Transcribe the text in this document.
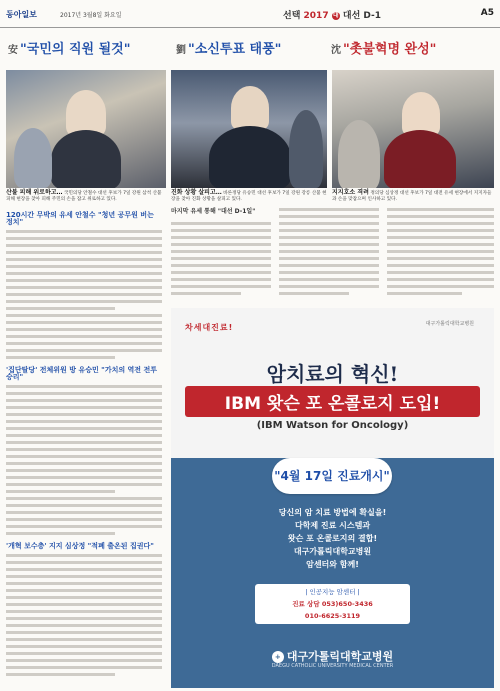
동아일보	2017년 3월8일 화요일	선택 2017 대 대선 D-1	A5
安 "국민의 직원 될것"	劉 "소신투표 태풍"	沈 "촛불혁명 완성"
산불 피해 위로하고… 국민의당 안철수 대선 후보가 7일 강원 삼척 산불 피해 현장을 찾아 피해 주민의 손을 잡고 위로하고 있다.
진화 상황 살피고… 바른정당 유승민 대선 후보가 7일 강원 강릉 산불 현장을 찾아 진화 상황을 살피고 있다.
지지호소 격려 정의당 심상정 대선 후보가 7일 대전 유세 현장에서 지지자들과 손을 맞잡으며 인사하고 있다.
120시간 무박의 유세 안철수 "청년 공무원 버는 정치"
'집단탈당' 전체위원 방 유승민 "가치의 역전 전투승리"
'개혁 보수층' 지지 심상정 "적폐 출온된 집권다"
마지막 유세 통해 "대선 D-1일"
차세대진료!	대구가톨릭대학교병원
암치료의 혁신!
IBM 왓슨 포 온콜로지 도입!
(IBM Watson for Oncology)
"4월 17일 진료개시"
당신의 암 치료 방법에 확실을!
다학제 진료 시스템과
왓슨 포 온콜로지의 결합!
대구가톨릭대학교병원
암센터와 함께!
| 인공지능 암센터 |
진료 상담 053)650-3436
010-6625-3119
+ 대구가톨릭대학교병원
DAEGU CATHOLIC UNIVERSITY MEDICAL CENTER
